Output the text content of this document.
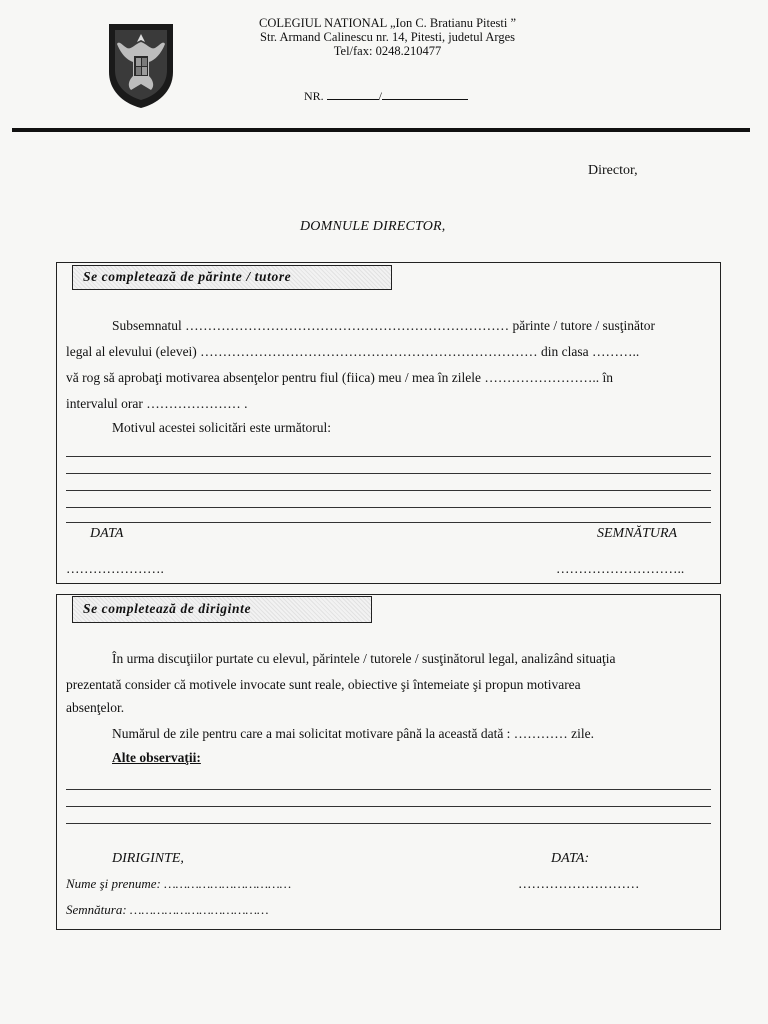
COLEGIUL NATIONAL „Ion C. Bratianu Pitesti ”
Str. Armand Calinescu nr. 14, Pitesti, judetul Arges
Tel/fax: 0248.210477
NR.	/
Director,
DOMNULE DIRECTOR,
Se completează de părinte / tutore
Subsemnatul ……………………………………………………………… părinte / tutore / susţinător
legal al elevului (elevei) ………………………………………………………………… din clasa ………..
vă rog să aprobaţi motivarea absenţelor pentru fiul (fiica) meu / mea în zilele …………………….. în
intervalul orar ………………… .
Motivul acestei solicitări este următorul:
DATA	SEMNĂTURA
………………….	………………………..
Se completează de diriginte
În urma discuţiilor purtate cu elevul, părintele / tutorele / susţinătorul legal, analizând situaţia
prezentată consider că motivele invocate sunt reale, obiective şi întemeiate şi propun motivarea
absenţelor.
Numărul de zile pentru care a mai solicitat motivare până la această dată : ………… zile.
Alte observaţii:
DIRIGINTE,	DATA:
Nume şi prenume: ……………………………	………………………
Semnătura: ………………………………
